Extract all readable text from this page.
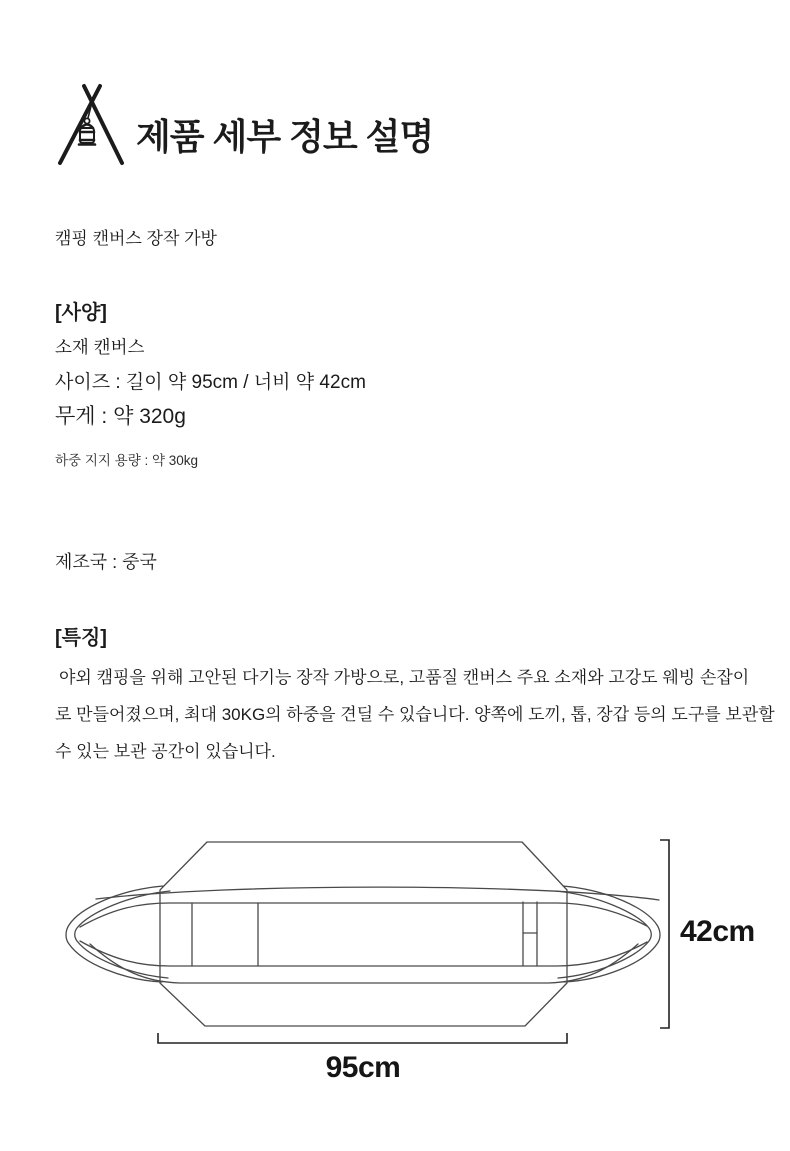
제품 세부 정보 설명
캠핑 캔버스 장작 가방
[사양]
소재 캔버스
사이즈 : 길이 약 95cm / 너비 약 42cm
무게 : 약 320g
하중 지지 용량 : 약 30kg
제조국 : 중국
[특징]
야외 캠핑을 위해 고안된 다기능 장작 가방으로, 고품질 캔버스 주요 소재와 고강도 웨빙 손잡이
로 만들어졌으며, 최대 30KG의 하중을 견딜 수 있습니다. 양쪽에 도끼, 톱, 장갑 등의 도구를 보관할
수 있는 보관 공간이 있습니다.
42cm
95cm
